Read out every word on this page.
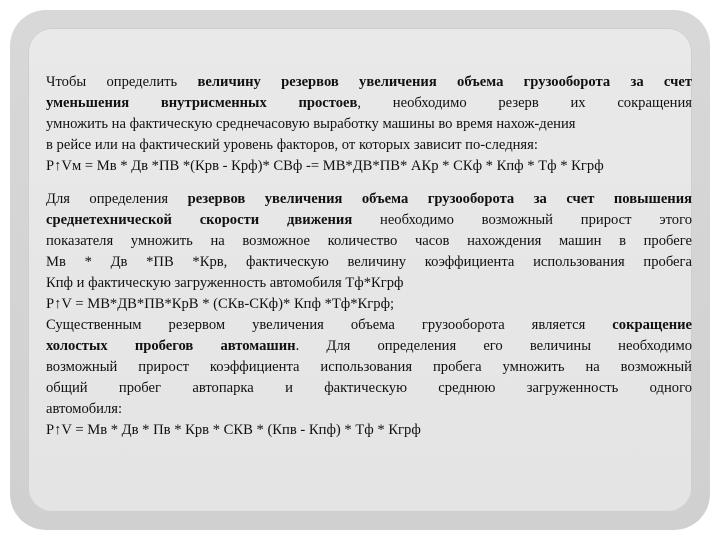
Чтобы определить величину резервов увеличения объема грузооборота за счет
уменьшения внутрисменных простоев, необходимо резерв их сокращения
умножить на фактическую среднечасовую выработку машины во время нахож-дения
в рейсе или на фактический уровень факторов, от которых зависит по-следняя:
Р↑Vм = Мв * Дв *ПВ *(Крв - Крф)* СВф -= МВ*ДВ*ПВ* АКр * СКф * Кпф * Тф * Кгрф
Для определения резервов увеличения объема грузооборота за счет повышения
среднетехнической скорости движения необходимо возможный прирост этого
показателя умножить на возможное количество часов нахождения машин в пробеге
Мв * Дв *ПВ *Крв, фактическую величину коэффициента использования пробега
Кпф и фактическую загруженность автомобиля Тф*Кгрф
Р↑V = МВ*ДВ*ПВ*КрВ * (СКв-СКф)* Кпф *Тф*Кгрф;
Существенным резервом увеличения объема грузооборота является сокращение
холостых пробегов автомашин. Для определения его величины необходимо
возможный прирост коэффициента использования пробега умножить на возможный
общий пробег автопарка и фактическую среднюю загруженность одного
автомобиля:
Р↑V = Мв * Дв * Пв * Крв * СКВ * (Кпв - Кпф) * Тф * Кгрф
